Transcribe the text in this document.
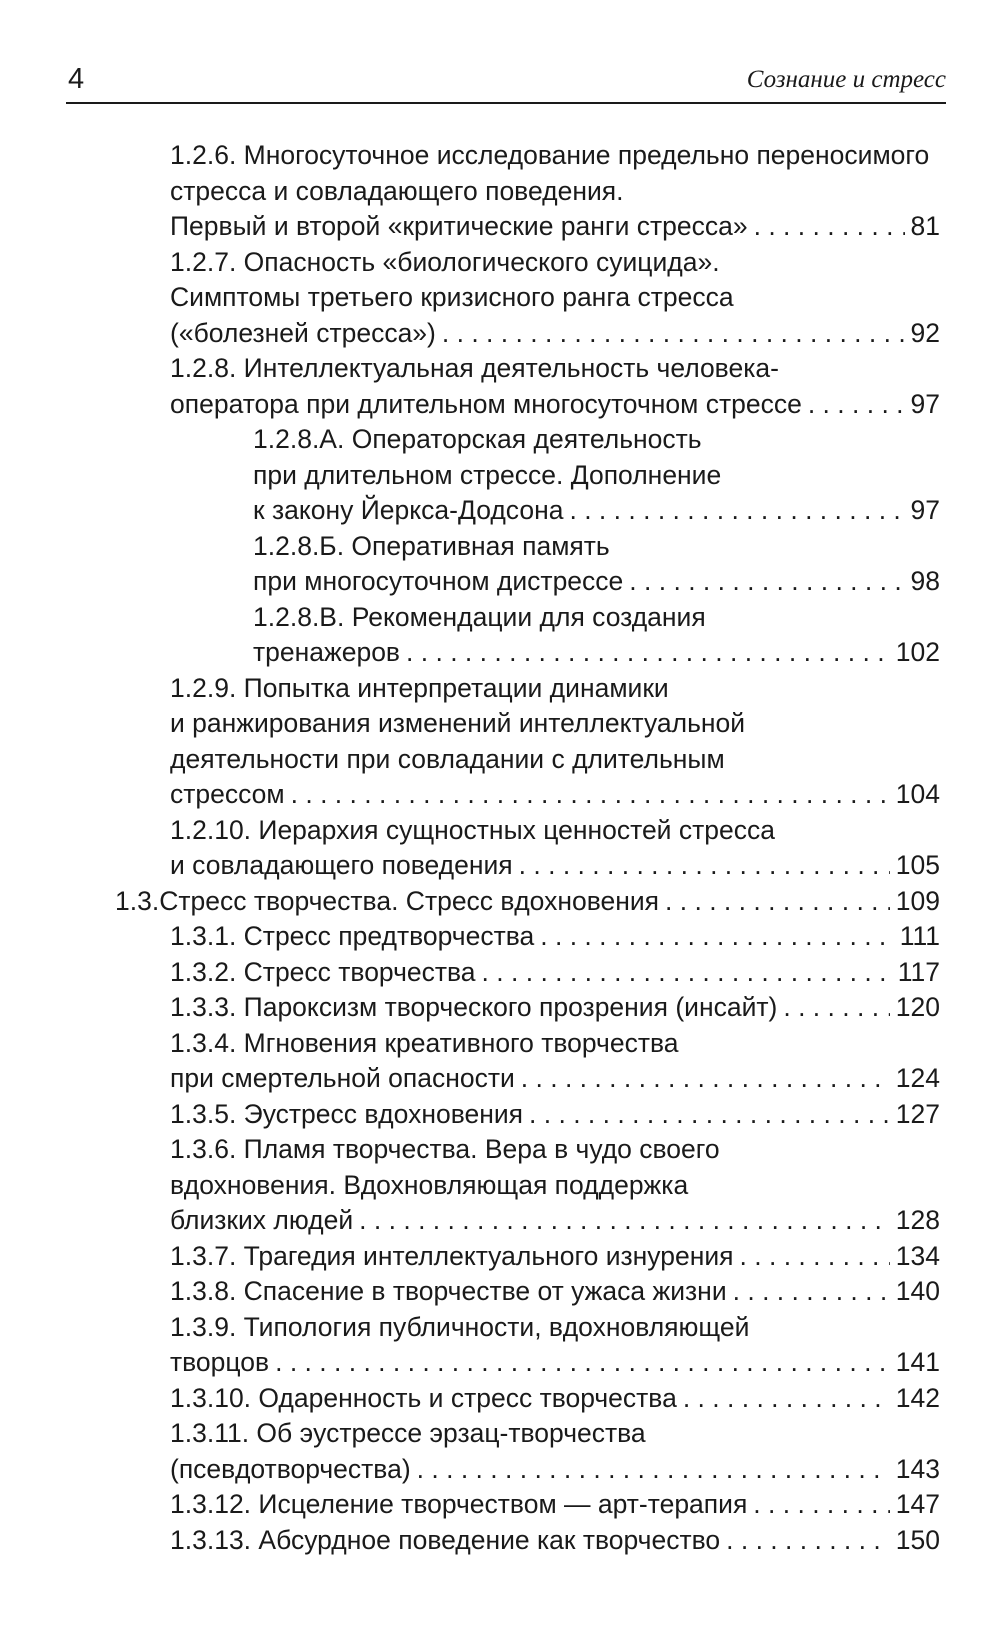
4	Сознание и стресс
1.2.6. Многосуточное исследование предельно переносимого
стресса и совладающего поведения.
Первый и второй «критические ранги стресса» . . .	81
1.2.7. Опасность «биологического суицида».
Симптомы третьего кризисного ранга стресса
(«болезней стресса») . . .	92
1.2.8. Интеллектуальная деятельность человека-
оператора при длительном многосуточном стрессе . . .	97
1.2.8.А. Операторская деятельность
при длительном стрессе. Дополнение
к закону Йеркса-Додсона . . .	97
1.2.8.Б. Оперативная память
при многосуточном дистрессе . . .	98
1.2.8.В. Рекомендации для создания
тренажеров . . .	102
1.2.9. Попытка интерпретации динамики
и ранжирования изменений интеллектуальной
деятельности при совладании с длительным
стрессом . . .	104
1.2.10. Иерархия сущностных ценностей стресса
и совладающего поведения . . .	105
1.3. Стресс творчества. Стресс вдохновения . . .	109
1.3.1. Стресс предтворчества . . .	111
1.3.2. Стресс творчества . . .	117
1.3.3. Пароксизм творческого прозрения (инсайт) . . .	120
1.3.4. Мгновения креативного творчества
при смертельной опасности . . .	124
1.3.5. Эустресс вдохновения . . .	127
1.3.6. Пламя творчества. Вера в чудо своего
вдохновения. Вдохновляющая поддержка
близких людей . . .	128
1.3.7. Трагедия интеллектуального изнурения . . .	134
1.3.8. Спасение в творчестве от ужаса жизни . . .	140
1.3.9. Типология публичности, вдохновляющей
творцов . . .	141
1.3.10. Одаренность и стресс творчества . . .	142
1.3.11. Об эустрессе эрзац-творчества
(псевдотворчества) . . .	143
1.3.12. Исцеление творчеством — арт-терапия . . .	147
1.3.13. Абсурдное поведение как творчество . . .	150
